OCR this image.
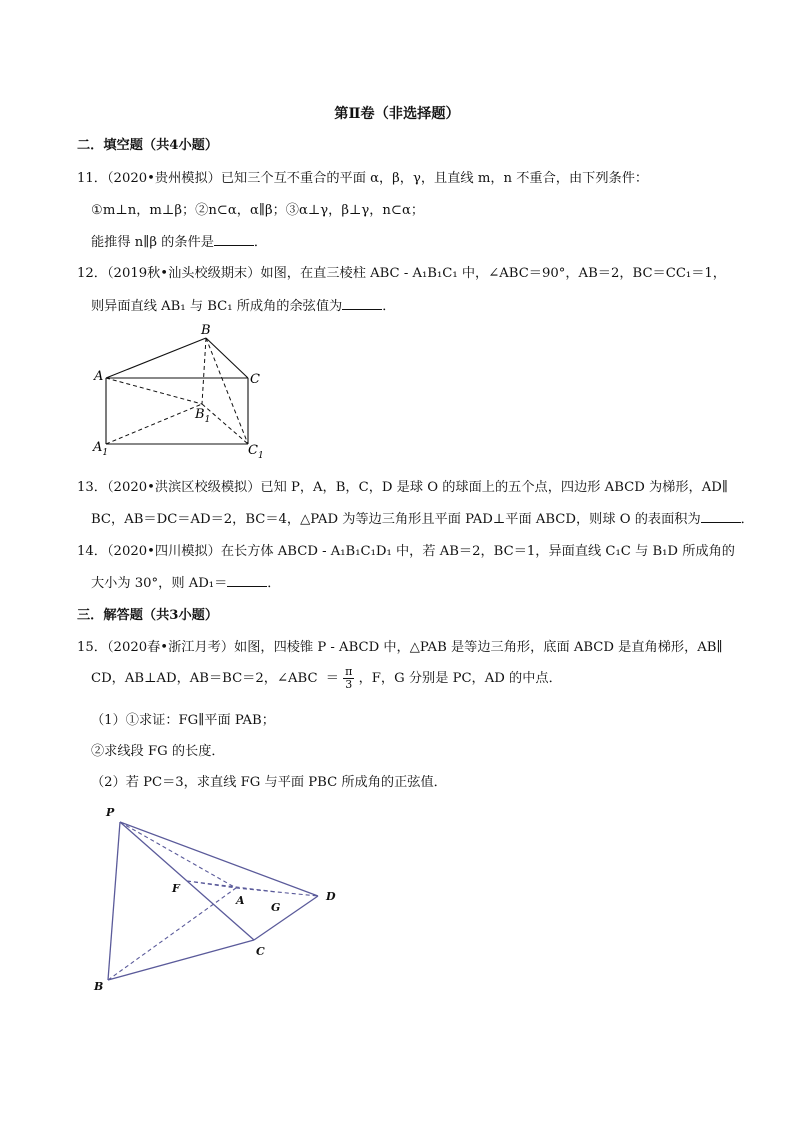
第Ⅱ卷（非选择题）
二．填空题（共4小题）
11．（2020•贵州模拟）已知三个互不重合的平面 α，β，γ，且直线 m，n 不重合，由下列条件：
①m⊥n，m⊥β；②n⊂α，α∥β；③α⊥γ，β⊥γ，n⊂α；
能推得 n∥β 的条件是	．
12．（2019秋•汕头校级期末）如图，在直三棱柱 ABC - A₁B₁C₁ 中，∠ABC＝90°，AB＝2，BC＝CC₁＝1，
则异面直线 AB₁ 与 BC₁ 所成角的余弦值为	．
A
B
C
$A_1$
$B_1$
$C_1$
13．（2020•洪滨区校级模拟）已知 P，A，B，C，D 是球 O 的球面上的五个点，四边形 ABCD 为梯形，AD∥
BC，AB＝DC＝AD＝2，BC＝4，△PAD 为等边三角形且平面 PAD⊥平面 ABCD，则球 O 的表面积为	．
14．（2020•四川模拟）在长方体 ABCD - A₁B₁C₁D₁ 中，若 AB＝2，BC＝1，异面直线 C₁C 与 B₁D 所成角的
大小为 30°，则 AD₁＝	．
三．解答题（共3小题）
15．（2020春•浙江月考）如图，四棱锥 P - ABCD 中，△PAB 是等边三角形，底面 ABCD 是直角梯形，AB∥
CD，AB⊥AD，AB＝BC＝2，∠ABC ＝ $\frac{\pi}{3}$ ，F，G 分别是 PC，AD 的中点．
（1）①求证：FG∥平面 PAB；
②求线段 FG 的长度．
（2）若 PC＝3，求直线 FG 与平面 PBC 所成角的正弦值．
P
F
A
G
D
C
B
